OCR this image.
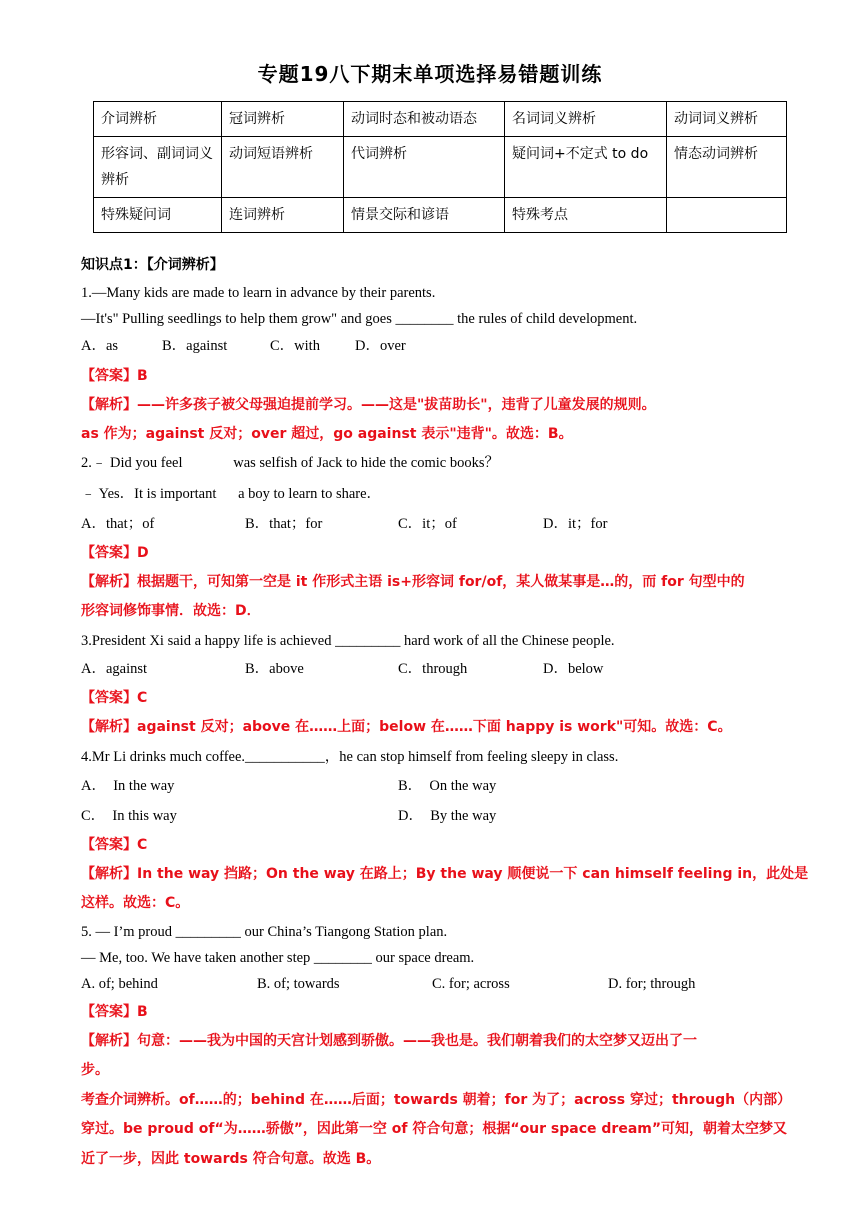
专题19八下期末单项选择易错题训练
介词辨析	冠词辨析	动词时态和被动语态	名词词义辨析	动词词义辨析
形容词、副词词义辨析	动词短语辨析	代词辨析	疑问词+不定式 to do	情态动词辨析
特殊疑问词	连词辨析	情景交际和谚语	特殊考点	
知识点1：【介词辨析】
1.—Many kids are made to learn in advance by their parents.
—It's" Pulling seedlings to help them grow" and goes ________ the rules of child development.
A．as	B．against	C．with D．over
【答案】B
【解析】——许多孩子被父母强迫提前学习。——这是"拔苗助长"，违背了儿童发展的规则。
as 作为；against 反对；over 超过，go against 表示"违背"。故选：B。
2.﹣ Did you feel              was selfish of Jack to hide the comic books？
﹣ Yes．It is important      a boy to learn to share．
A．that；of	B．that；for	C．it；of	D．it；for
【答案】D
【解析】根据题干，可知第一空是 it 作形式主语 is+形容词 for/of，某人做某事是…的，而 for 句型中的
形容词修饰事情．故选：D．
3.President Xi said a happy life is achieved _________ hard work of all the Chinese people.
A．against	B．above	C．through	D．below
【答案】C
【解析】against 反对；above 在……上面；below 在……下面 happy is work"可知。故选：C。
4.Mr Li drinks much coffee.___________，he can stop himself from feeling sleepy in class.
A．  In the way	B．  On the way
C．  In this way	D．  By the way
【答案】C
【解析】In the way 挡路；On the way 在路上；By the way 顺便说一下 can himself feeling in，此处是
这样。故选：C。
5. — I’m proud _________ our China’s Tiangong Station plan.
— Me, too. We have taken another step ________ our space dream.
A. of; behind	B. of; towards	C. for; across	D. for; through
【答案】B
【解析】句意：——我为中国的天宫计划感到骄傲。——我也是。我们朝着我们的太空梦又迈出了一
步。
考查介词辨析。of……的；behind 在……后面；towards 朝着；for 为了；across 穿过；through（内部）
穿过。be proud of“为……骄傲”，因此第一空 of 符合句意；根据“our space dream”可知，朝着太空梦又
近了一步，因此 towards 符合句意。故选 B。
